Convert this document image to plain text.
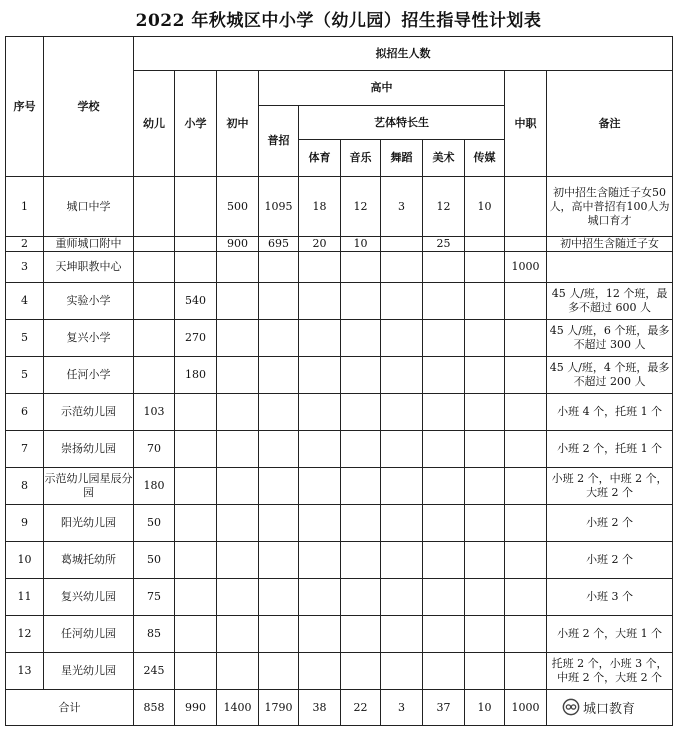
2022 年秋城区中小学（幼儿园）招生指导性计划表
序号	学校	拟招生人数										
		幼儿	小学	初中	高中						中职	备注
					普招	艺体特长生						
						体育	音乐	舞蹈	美术	传媒		
1	城口中学			500	1095	18	12	3	12	10		初中招生含随迁子女50人，高中普招有100人为城口育才
2	重师城口附中			900	695	20	10		25			初中招生含随迁子女
3	天坤职教中心										1000	
4	实验小学		540									45 人/班，12 个班，最多不超过 600 人
5	复兴小学		270									45 人/班，6 个班，最多不超过 300 人
5	任河小学		180									45 人/班，4 个班，最多不超过 200 人
6	示范幼儿园	103										小班 4 个，托班 1 个
7	崇扬幼儿园	70										小班 2 个，托班 1 个
8	示范幼儿园星辰分园	180										小班 2 个，中班 2 个，大班 2 个
9	阳光幼儿园	50										小班 2 个
10	葛城托幼所	50										小班 2 个
11	复兴幼儿园	75										小班 3 个
12	任河幼儿园	85										小班 2 个，大班 1 个
13	星光幼儿园	245										托班 2 个，小班 3 个，中班 2 个，大班 2 个
合计		858	990	1400	1790	38	22	3	37	10	1000		城口教育
